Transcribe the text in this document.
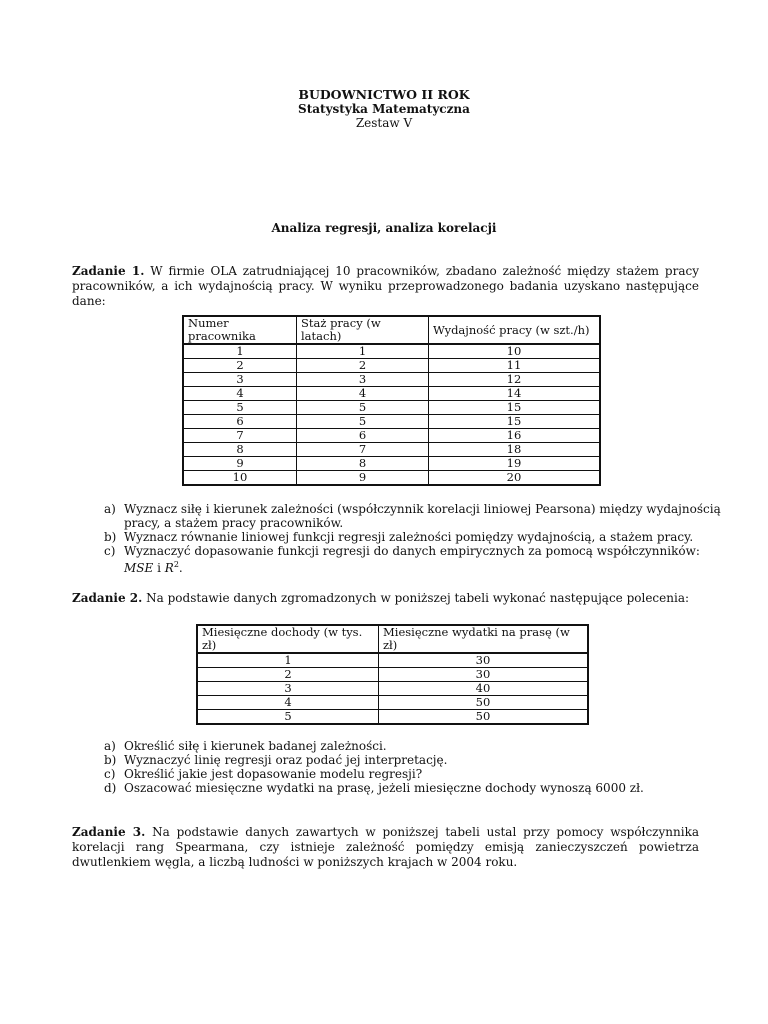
BUDOWNICTWO II ROK
Statystyka Matematyczna
Zestaw V
Analiza regresji, analiza korelacji
Zadanie 1. W firmie OLA zatrudniającej 10 pracowników, zbadano zależność między stażem pracy pracowników, a ich wydajnością pracy. W wyniku przeprowadzonego badania uzyskano następujące dane:
Numer pracownika	Staż pracy (w latach)	Wydajność pracy (w szt./h)
1	1	10
2	2	11
3	3	12
4	4	14
5	5	15
6	5	15
7	6	16
8	7	18
9	8	19
10	9	20
a) Wyznacz siłę i kierunek zależności (współczynnik korelacji liniowej Pearsona) między wydajnością pracy, a stażem pracy pracowników.
b) Wyznacz równanie liniowej funkcji regresji zależności pomiędzy wydajnością, a stażem pracy.
c) Wyznaczyć dopasowanie funkcji regresji do danych empirycznych za pomocą współczynników: MSE i $R^2$.
Zadanie 2. Na podstawie danych zgromadzonych w poniższej tabeli wykonać następujące polecenia:
Miesięczne dochody (w tys. zł)	Miesięczne wydatki na prasę (w zł)
1	30
2	30
3	40
4	50
5	50
a) Określić siłę i kierunek badanej zależności.
b) Wyznaczyć linię regresji oraz podać jej interpretację.
c) Określić jakie jest dopasowanie modelu regresji?
d) Oszacować miesięczne wydatki na prasę, jeżeli miesięczne dochody wynoszą 6000 zł.
Zadanie 3. Na podstawie danych zawartych w poniższej tabeli ustal przy pomocy współczynnika korelacji rang Spearmana, czy istnieje zależność pomiędzy emisją zanieczyszczeń powietrza dwutlenkiem węgla, a liczbą ludności w poniższych krajach w 2004 roku.
